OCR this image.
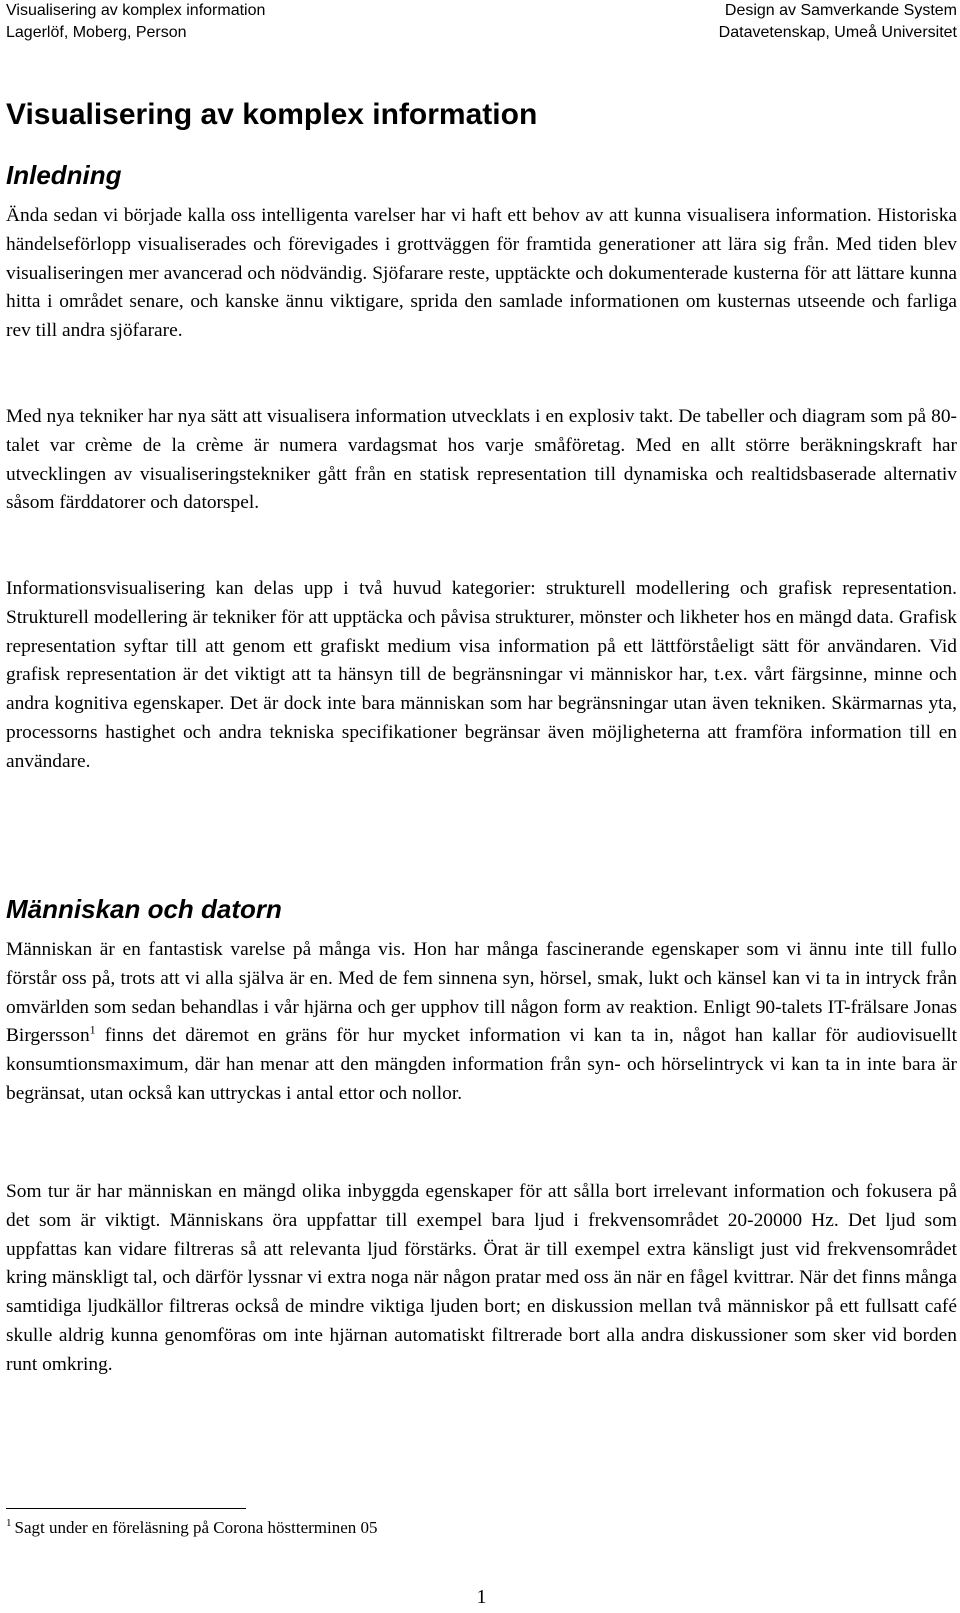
Visualisering av komplex information
Lagerlöf, Moberg, Person
Design av Samverkande System
Datavetenskap, Umeå Universitet
Visualisering av komplex information
Inledning

Ända sedan vi började kalla oss intelligenta varelser har vi haft ett behov av att kunna visualisera information. Historiska händelseförlopp visualiserades och förevigades i grottväggen för framtida generationer att lära sig från. Med tiden blev visualiseringen mer avancerad och nödvändig. Sjöfarare reste, upptäckte och dokumenterade kusterna för att lättare kunna hitta i området senare, och kanske ännu viktigare, sprida den samlade informationen om kusternas utseende och farliga rev till andra sjöfarare.

Med nya tekniker har nya sätt att visualisera information utvecklats i en explosiv takt. De tabeller och diagram som på 80-talet var crème de la crème är numera vardagsmat hos varje småföretag. Med en allt större beräkningskraft har utvecklingen av visualiseringstekniker gått från en statisk representation till dynamiska och realtidsbaserade alternativ såsom färddatorer och datorspel.

Informationsvisualisering kan delas upp i två huvud kategorier: strukturell modellering och grafisk representation. Strukturell modellering är tekniker för att upptäcka och påvisa strukturer, mönster och likheter hos en mängd data. Grafisk representation syftar till att genom ett grafiskt medium visa information på ett lättförståeligt sätt för användaren. Vid grafisk representation är det viktigt att ta hänsyn till de begränsningar vi människor har, t.ex. vårt färgsinne, minne och andra kognitiva egenskaper. Det är dock inte bara människan som har begränsningar utan även tekniken. Skärmarnas yta, processorns hastighet och andra tekniska specifikationer begränsar även möjligheterna att framföra information till en användare.

Människan och datorn

Människan är en fantastisk varelse på många vis. Hon har många fascinerande egenskaper som vi ännu inte till fullo förstår oss på, trots att vi alla själva är en. Med de fem sinnena syn, hörsel, smak, lukt och känsel kan vi ta in intryck från omvärlden som sedan behandlas i vår hjärna och ger upphov till någon form av reaktion. Enligt 90-talets IT-frälsare Jonas Birgersson$^1$ finns det däremot en gräns för hur mycket information vi kan ta in, något han kallar för audiovisuellt konsumtionsmaximum, där han menar att den mängden information från syn- och hörselintryck vi kan ta in inte bara är begränsat, utan också kan uttryckas i antal ettor och nollor.

Som tur är har människan en mängd olika inbyggda egenskaper för att sålla bort irrelevant information och fokusera på det som är viktigt. Människans öra uppfattar till exempel bara ljud i frekvensområdet 20-20000 Hz. Det ljud som uppfattas kan vidare filtreras så att relevanta ljud förstärks. Örat är till exempel extra känsligt just vid frekvensområdet kring mänskligt tal, och därför lyssnar vi extra noga när någon pratar med oss än när en fågel kvittrar. När det finns många samtidiga ljudkällor filtreras också de mindre viktiga ljuden bort; en diskussion mellan två människor på ett fullsatt café skulle aldrig kunna genomföras om inte hjärnan automatiskt filtrerade bort alla andra diskussioner som sker vid borden runt omkring.

$^1$ Sagt under en föreläsning på Corona höstterminen 05

1
